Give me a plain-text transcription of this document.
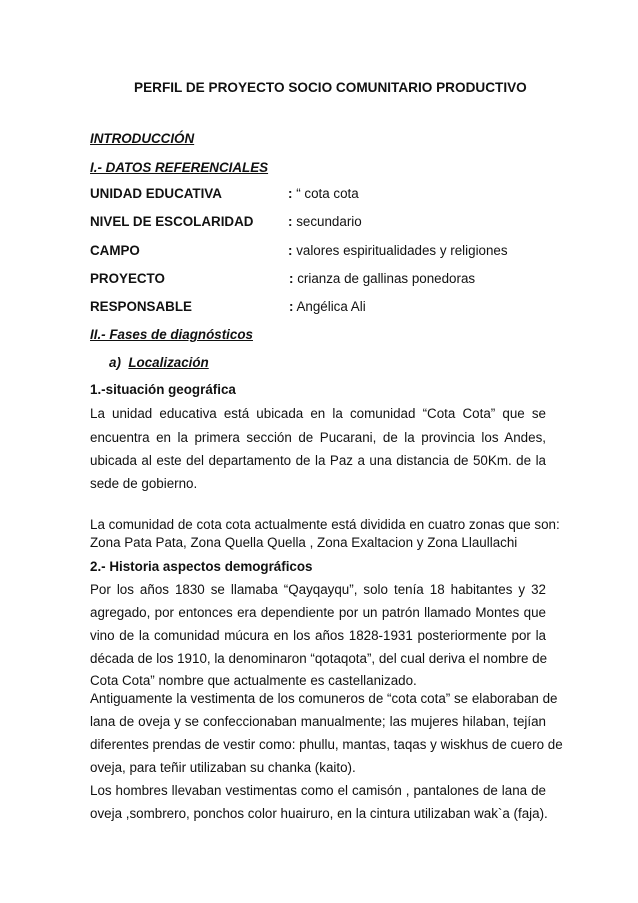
PERFIL DE PROYECTO SOCIO COMUNITARIO PRODUCTIVO
INTRODUCCIÓN
I.- DATOS REFERENCIALES
UNIDAD EDUCATIVA	: “ cota cota
NIVEL DE ESCOLARIDAD	: secundario
CAMPO	: valores espiritualidades y religiones
PROYECTO	: crianza de gallinas ponedoras
RESPONSABLE	: Angélica Ali
II.- Fases de diagnósticos
a) Localización
1.-situación geográfica
La unidad educativa está ubicada en la comunidad “Cota Cota” que se
encuentra en la primera sección de Pucarani, de la provincia los Andes,
ubicada al este del departamento de la Paz a una distancia de 50Km. de la
sede de gobierno.
La comunidad de cota cota actualmente está dividida en cuatro zonas que son:
Zona Pata Pata, Zona Quella Quella , Zona Exaltacion y Zona Llaullachi
2.- Historia aspectos demográficos
Por los años 1830 se llamaba “Qayqayqu”, solo tenía 18 habitantes y 32
agregado, por entonces era dependiente por un patrón llamado Montes que
vino de la comunidad múcura en los años 1828-1931 posteriormente por la
década de los 1910, la denominaron “qotaqota”, del cual deriva el nombre de
Cota Cota” nombre que actualmente es castellanizado.
Antiguamente la vestimenta de los comuneros de “cota cota” se elaboraban de
lana de oveja y se confeccionaban manualmente; las mujeres hilaban, tejían
diferentes prendas de vestir como: phullu, mantas, taqas y wiskhus de cuero de
oveja, para teñir utilizaban su chanka (kaito).
Los hombres llevaban vestimentas como el camisón , pantalones de lana de
oveja ,sombrero, ponchos color huairuro, en la cintura utilizaban wak`a (faja).
